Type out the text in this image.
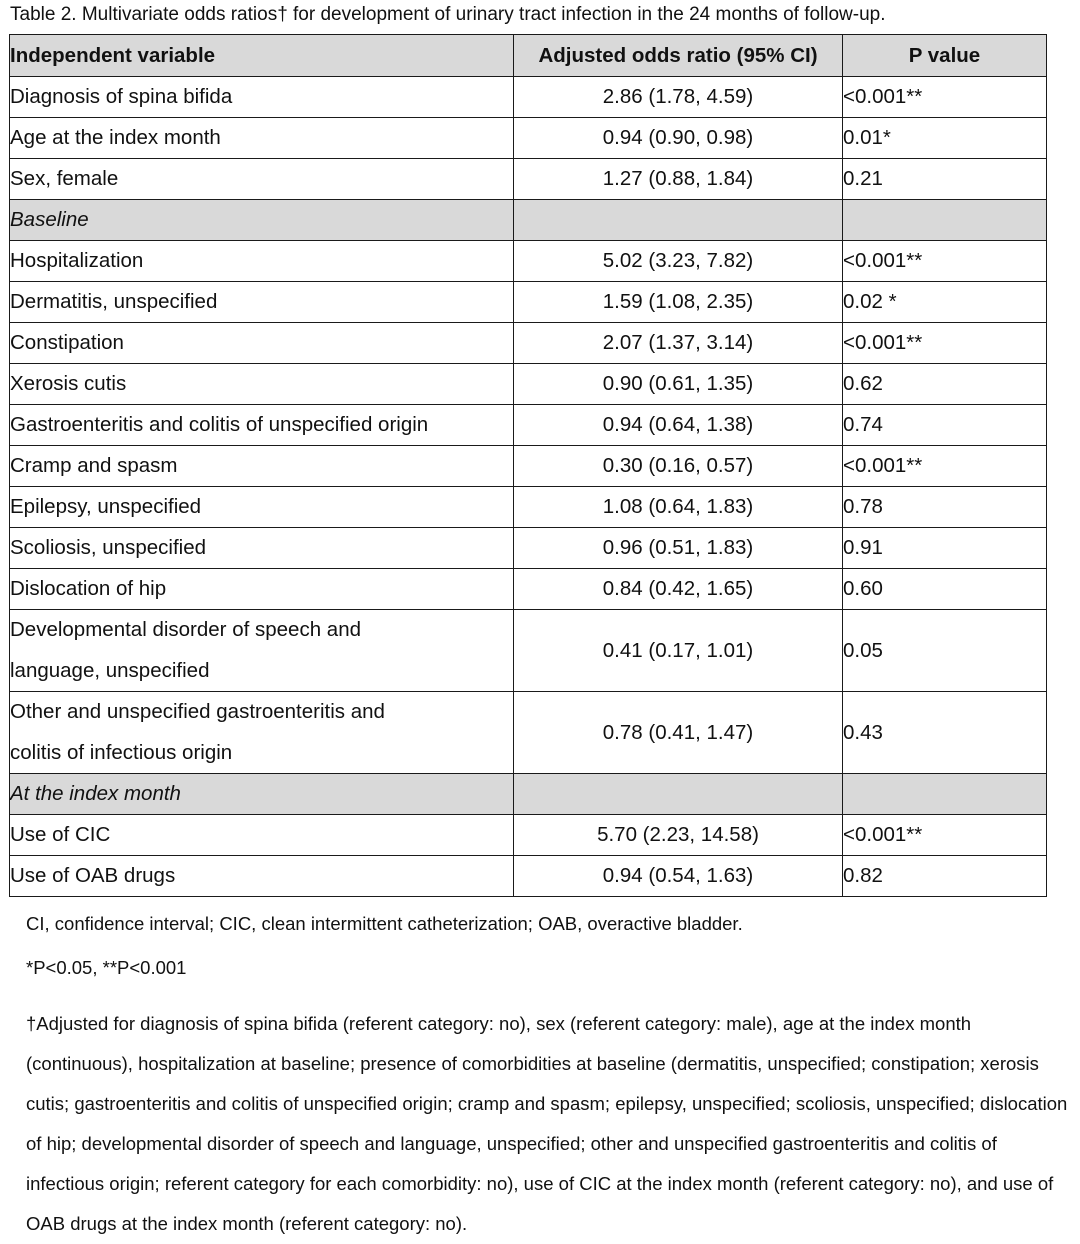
Table 2. Multivariate odds ratios† for development of urinary tract infection in the 24 months of follow-up.
Independent variable	Adjusted odds ratio (95% CI)	P value
Diagnosis of spina bifida	2.86 (1.78, 4.59)	<0.001**
Age at the index month	0.94 (0.90, 0.98)	0.01*
Sex, female	1.27 (0.88, 1.84)	0.21
Baseline		
Hospitalization	5.02 (3.23, 7.82)	<0.001**
Dermatitis, unspecified	1.59 (1.08, 2.35)	0.02 *
Constipation	2.07 (1.37, 3.14)	<0.001**
Xerosis cutis	0.90 (0.61, 1.35)	0.62
Gastroenteritis and colitis of unspecified origin	0.94 (0.64, 1.38)	0.74
Cramp and spasm	0.30 (0.16, 0.57)	<0.001**
Epilepsy, unspecified	1.08 (0.64, 1.83)	0.78
Scoliosis, unspecified	0.96 (0.51, 1.83)	0.91
Dislocation of hip	0.84 (0.42, 1.65)	0.60

Developmental disorder of speech and
language, unspecified	0.41 (0.17, 1.01)	0.05

Other and unspecified gastroenteritis and
colitis of infectious origin	0.78 (0.41, 1.47)	0.43
At the index month		
Use of CIC	5.70 (2.23, 14.58)	<0.001**
Use of OAB drugs	0.94 (0.54, 1.63)	0.82
CI, confidence interval; CIC, clean intermittent catheterization; OAB, overactive bladder.
*P<0.05, **P<0.001
†Adjusted for diagnosis of spina bifida (referent category: no), sex (referent category: male), age at the index month (continuous), hospitalization at baseline; presence of comorbidities at baseline (dermatitis, unspecified; constipation; xerosis cutis; gastroenteritis and colitis of unspecified origin; cramp and spasm; epilepsy, unspecified; scoliosis, unspecified; dislocation of hip; developmental disorder of speech and language, unspecified; other and unspecified gastroenteritis and colitis of infectious origin; referent category for each comorbidity: no), use of CIC at the index month (referent category: no), and use of OAB drugs at the index month (referent category: no).
